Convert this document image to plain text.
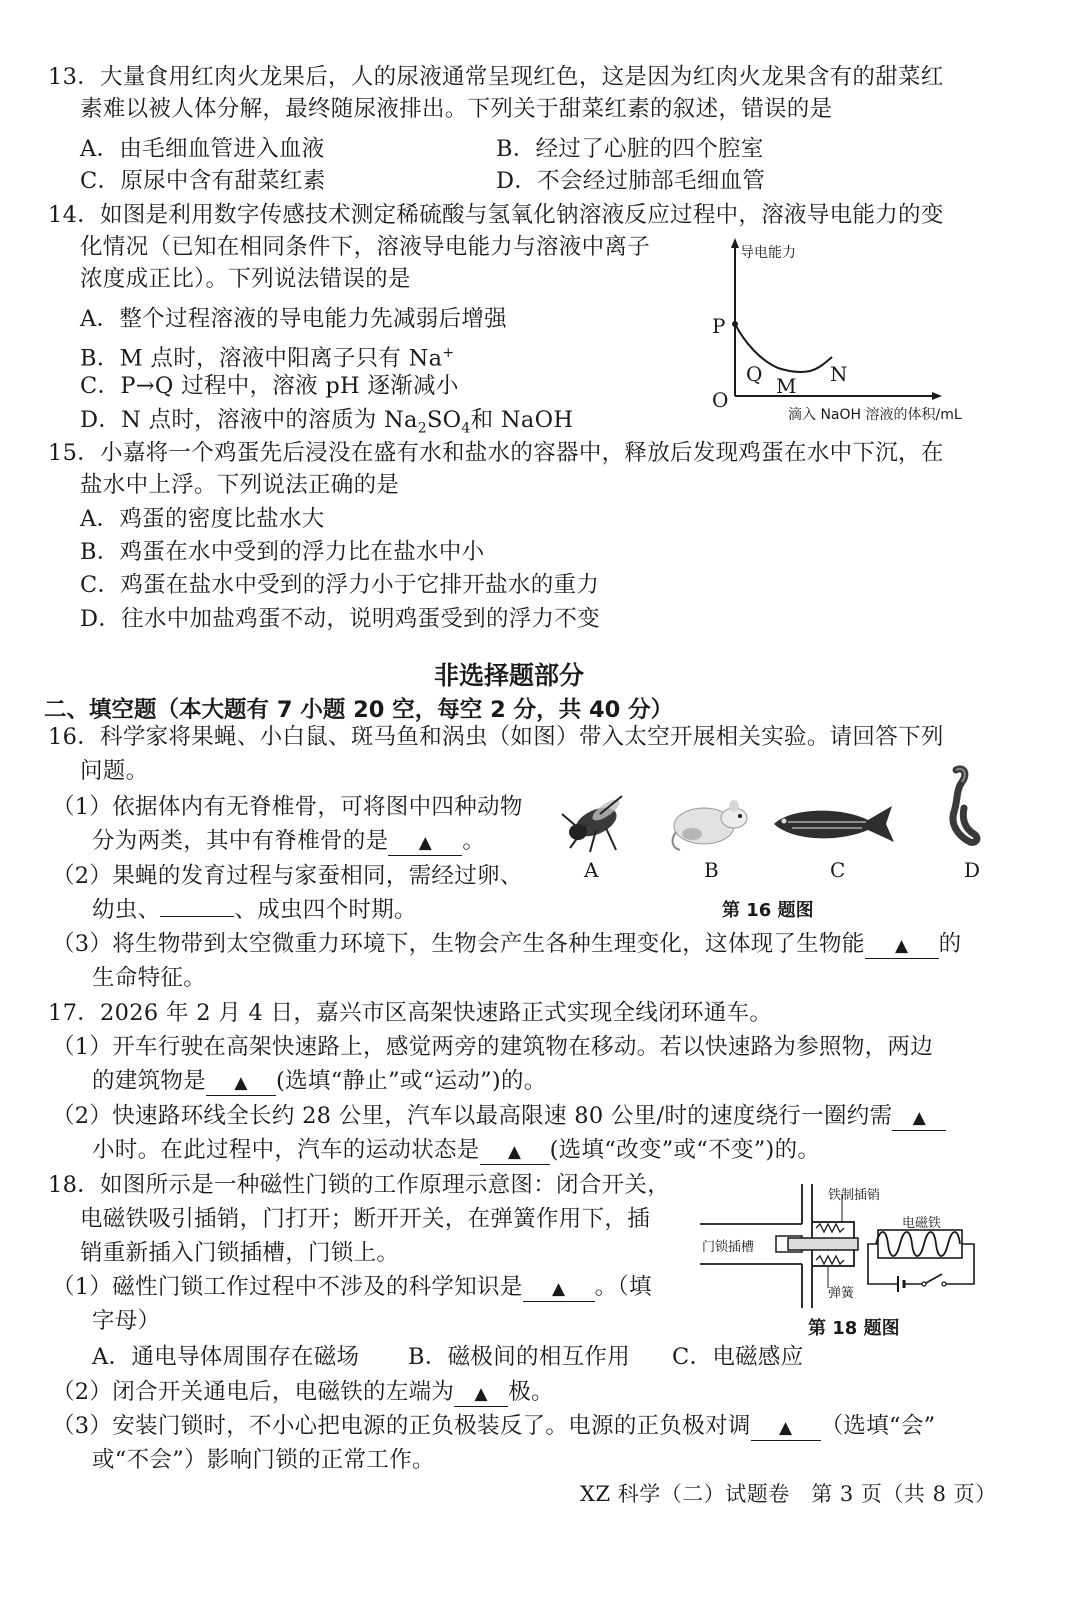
13．大量食用红肉火龙果后，人的尿液通常呈现红色，这是因为红肉火龙果含有的甜菜红
素难以被人体分解，最终随尿液排出。下列关于甜菜红素的叙述，错误的是
A．由毛细血管进入血液	B．经过了心脏的四个腔室
C．原尿中含有甜菜红素	D．不会经过肺部毛细血管
14．如图是利用数字传感技术测定稀硫酸与氢氧化钠溶液反应过程中，溶液导电能力的变
化情况（已知在相同条件下，溶液导电能力与溶液中离子
浓度成正比）。下列说法错误的是
A．整个过程溶液的导电能力先减弱后增强
B．M 点时，溶液中阳离子只有 Na+
C．P→Q 过程中，溶液 pH 逐渐减小
D．N 点时，溶液中的溶质为 $Na_2SO_4$和 NaOH
导电能力
P
Q M N
O
滴入 NaOH 溶液的体积/mL
15．小嘉将一个鸡蛋先后浸没在盛有水和盐水的容器中，释放后发现鸡蛋在水中下沉，在
盐水中上浮。下列说法正确的是
A．鸡蛋的密度比盐水大
B．鸡蛋在水中受到的浮力比在盐水中小
C．鸡蛋在盐水中受到的浮力小于它排开盐水的重力
D．往水中加盐鸡蛋不动，说明鸡蛋受到的浮力不变
非选择题部分
二、填空题（本大题有 7 小题 20 空，每空 2 分，共 40 分）
16．科学家将果蝇、小白鼠、斑马鱼和涡虫（如图）带入太空开展相关实验。请回答下列
问题。
（1）依据体内有无脊椎骨，可将图中四种动物
分为两类，其中有脊椎骨的是 ▲ 。
（2）果蝇的发育过程与家蚕相同，需经过卵、
幼虫、	、成虫四个时期。
（3）将生物带到太空微重力环境下，生物会产生各种生理变化，这体现了生物能 ▲ 的
生命特征。
A	B	C	D
第 16 题图
17．2026 年 2 月 4 日，嘉兴市区高架快速路正式实现全线闭环通车。
（1）开车行驶在高架快速路上，感觉两旁的建筑物在移动。若以快速路为参照物，两边
的建筑物是 ▲ (选填“静止”或“运动”)的。
（2）快速路环线全长约 28 公里，汽车以最高限速 80 公里/时的速度绕行一圈约需 ▲
小时。在此过程中，汽车的运动状态是 ▲ (选填“改变”或“不变”)的。
18．如图所示是一种磁性门锁的工作原理示意图：闭合开关，
电磁铁吸引插销，门打开；断开开关，在弹簧作用下，插
销重新插入门锁插槽，门锁上。
（1）磁性门锁工作过程中不涉及的科学知识是 ▲ 。（填
字母）
A．通电导体周围存在磁场 B．磁极间的相互作用 C．电磁感应
（2）闭合开关通电后，电磁铁的左端为 ▲ 极。
（3）安装门锁时，不小心把电源的正负极装反了。电源的正负极对调 ▲ （选填“会”
或“不会”）影响门锁的正常工作。
铁制插销
电磁铁
门锁插槽
弹簧
第 18 题图
XZ 科学（二）试题卷　第 3 页（共 8 页）
